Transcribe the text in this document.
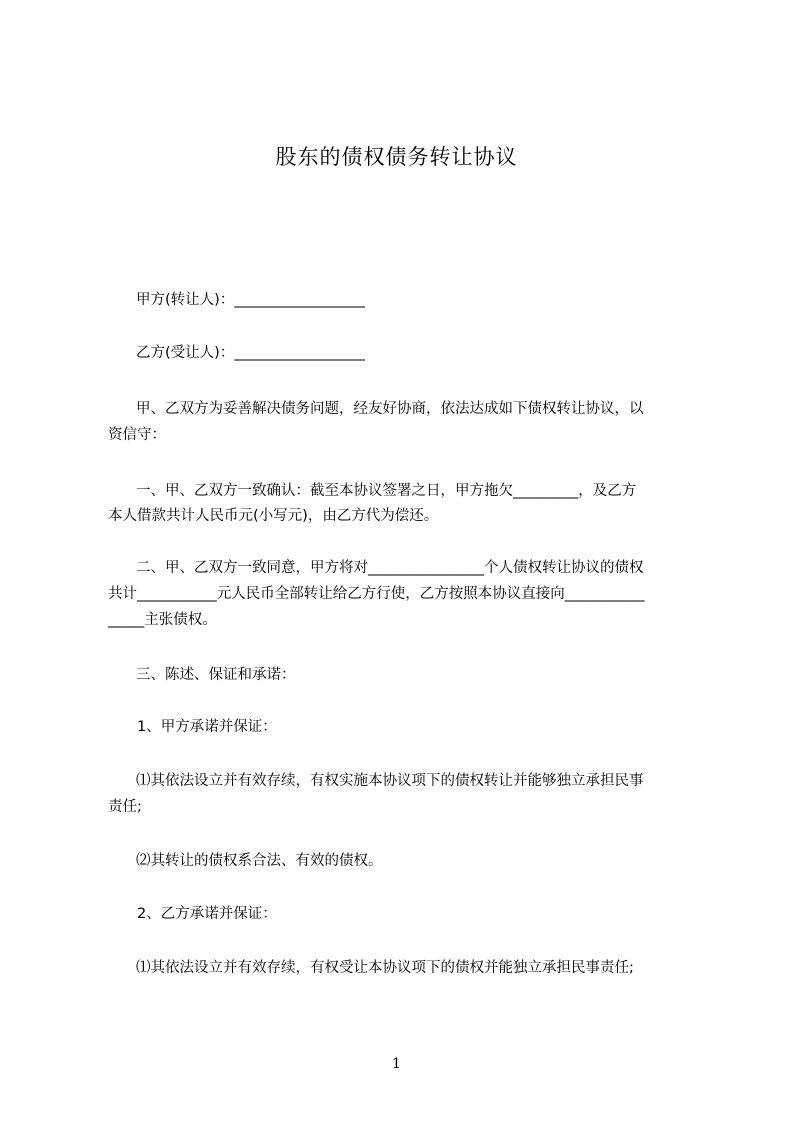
股东的债权债务转让协议
甲方(转让人)：__________________
乙方(受让人)：__________________
甲、乙双方为妥善解决债务问题，经友好协商，依法达成如下债权转让协议，以
资信守：
一、甲、乙双方一致确认：截至本协议签署之日，甲方拖欠_________，及乙方
本人借款共计人民币元(小写元)，由乙方代为偿还。
二、甲、乙双方一致同意，甲方将对________________个人债权转让协议的债权
共计___________元人民币全部转让给乙方行使，乙方按照本协议直接向___________
_____主张债权。
三、陈述、保证和承诺：
1、甲方承诺并保证：
⑴其依法设立并有效存续，有权实施本协议项下的债权转让并能够独立承担民事
责任;
⑵其转让的债权系合法、有效的债权。
2、乙方承诺并保证：
⑴其依法设立并有效存续，有权受让本协议项下的债权并能独立承担民事责任;
1
